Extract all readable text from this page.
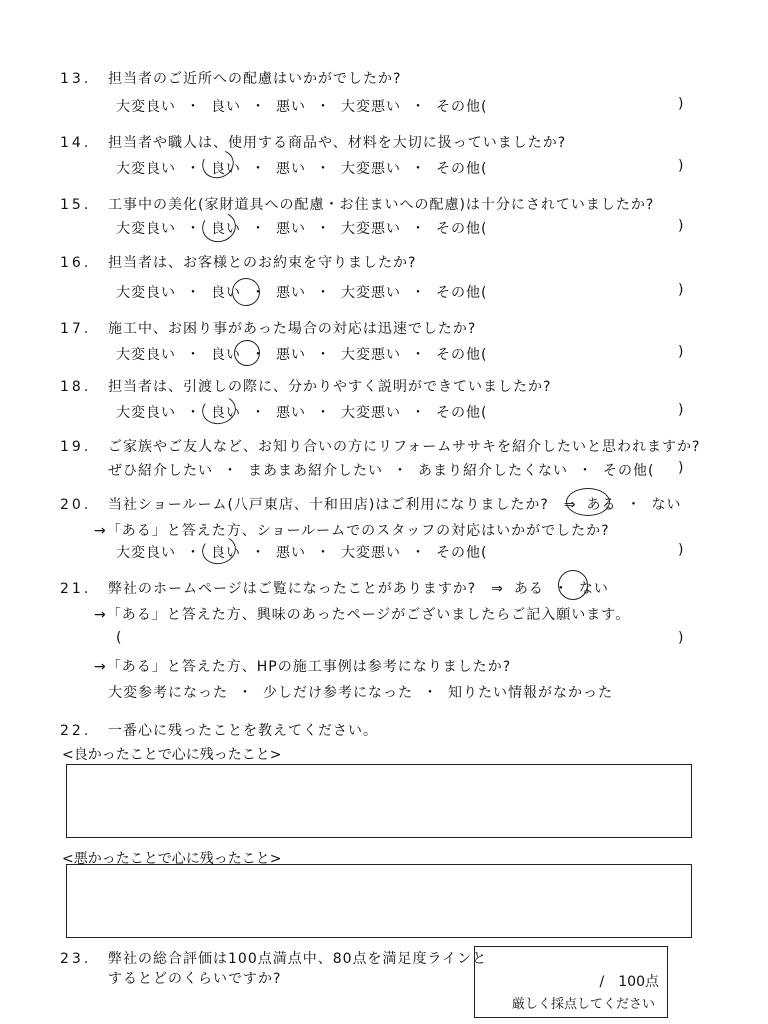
13. 担当者のご近所への配慮はいかがでしたか?
大変良い ・ 良い ・ 悪い ・ 大変悪い ・ その他(	)
14. 担当者や職人は、使用する商品や、材料を大切に扱っていましたか?
大変良い ・ 良い ・ 悪い ・ 大変悪い ・ その他(	)
15. 工事中の美化(家財道具への配慮・お住まいへの配慮)は十分にされていましたか?
大変良い ・ 良い ・ 悪い ・ 大変悪い ・ その他(	)
16. 担当者は、お客様とのお約束を守りましたか?
大変良い ・ 良い ・ 悪い ・ 大変悪い ・ その他(	)
17. 施工中、お困り事があった場合の対応は迅速でしたか?
大変良い ・ 良い ・ 悪い ・ 大変悪い ・ その他(	)
18. 担当者は、引渡しの際に、分かりやすく説明ができていましたか?
大変良い ・ 良い ・ 悪い ・ 大変悪い ・ その他(	)
19. ご家族やご友人など、お知り合いの方にリフォームササキを紹介したいと思われますか?
ぜひ紹介したい ・ まあまあ紹介したい ・ あまり紹介したくない ・ その他(	)
20. 当社ショールーム(八戸東店、十和田店)はご利用になりましたか?　⇒ ある ・ ない
→「ある」と答えた方、ショールームでのスタッフの対応はいかがでしたか?
大変良い ・ 良い ・ 悪い ・ 大変悪い ・ その他(	)
21. 弊社のホームページはご覧になったことがありますか?　⇒ ある ・ ない
→「ある」と答えた方、興味のあったページがございましたらご記入願います。
(	)
→「ある」と答えた方、HPの施工事例は参考になりましたか?
大変参考になった ・ 少しだけ参考になった ・ 知りたい情報がなかった
22. 一番心に残ったことを教えてください。
<良かったことで心に残ったこと>
<悪かったことで心に残ったこと>
23. 弊社の総合評価は100点満点中、80点を満足度ラインと
するとどのくらいですか?	/　100点
厳しく採点してください
